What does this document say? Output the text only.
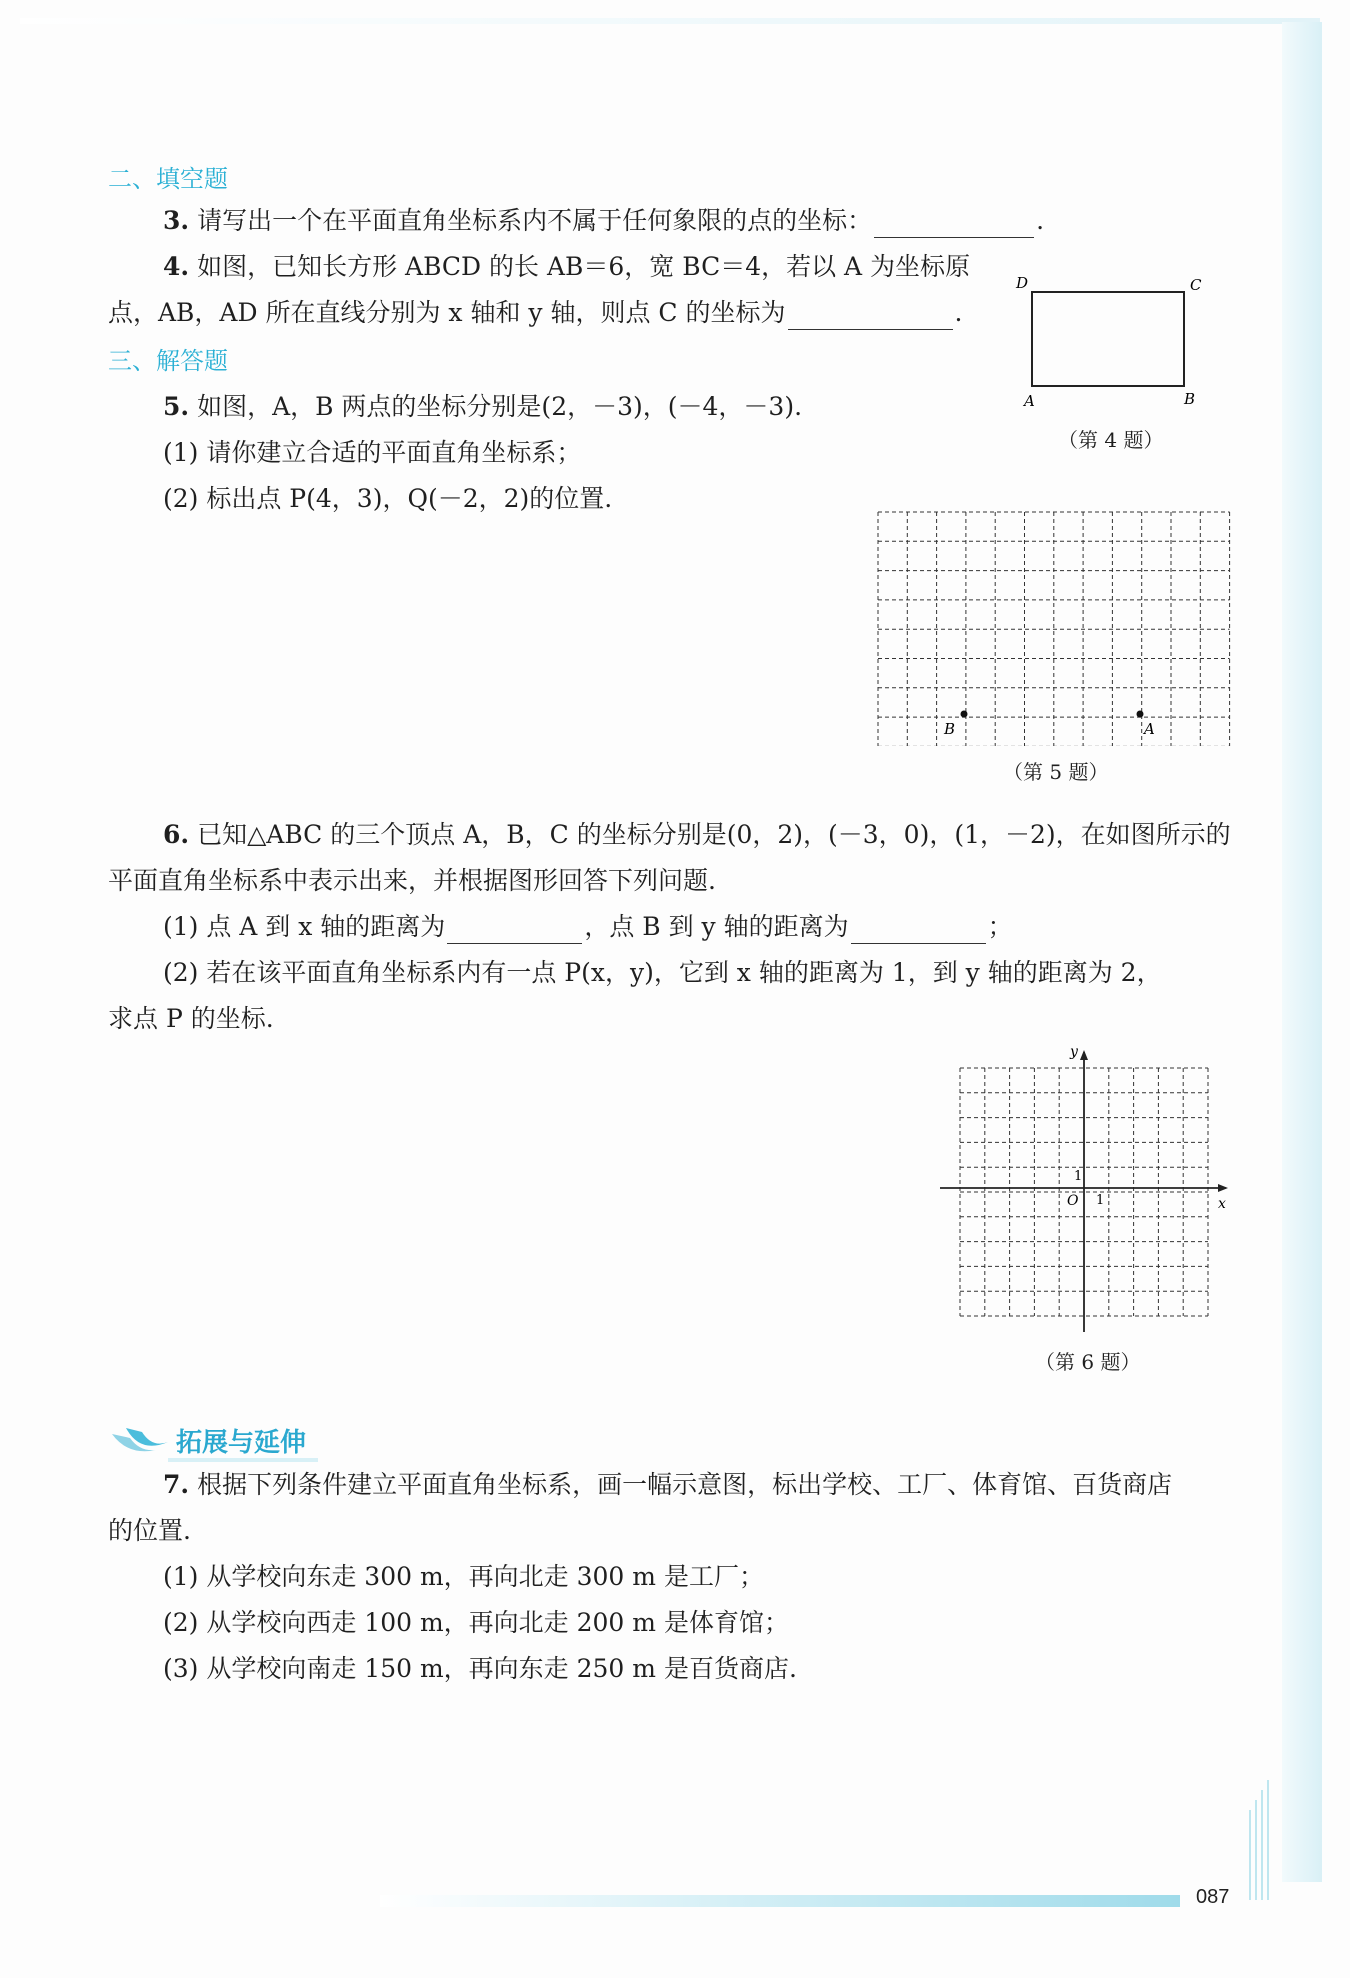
二、填空题
3. 请写出一个在平面直角坐标系内不属于任何象限的点的坐标：	.
4. 如图，已知长方形 ABCD 的长 AB＝6，宽 BC＝4，若以 A 为坐标原
点，AB，AD 所在直线分别为 x 轴和 y 轴，则点 C 的坐标为	.
D	C
A	B
（第 4 题）
三、解答题
5. 如图，A，B 两点的坐标分别是(2，－3)，(－4，－3).
(1) 请你建立合适的平面直角坐标系；
(2) 标出点 P(4，3)，Q(－2，2)的位置.
B	A
（第 5 题）
6. 已知△ABC 的三个顶点 A，B，C 的坐标分别是(0，2)，(－3，0)，(1，－2)，在如图所示的
平面直角坐标系中表示出来，并根据图形回答下列问题.
(1) 点 A 到 x 轴的距离为	，点 B 到 y 轴的距离为	；
(2) 若在该平面直角坐标系内有一点 P(x，y)，它到 x 轴的距离为 1，到 y 轴的距离为 2，
求点 P 的坐标.
x
y
O 1
1
（第 6 题）
拓展与延伸
7. 根据下列条件建立平面直角坐标系，画一幅示意图，标出学校、工厂、体育馆、百货商店
的位置.
(1) 从学校向东走 300 m，再向北走 300 m 是工厂；
(2) 从学校向西走 100 m，再向北走 200 m 是体育馆；
(3) 从学校向南走 150 m，再向东走 250 m 是百货商店.
087
